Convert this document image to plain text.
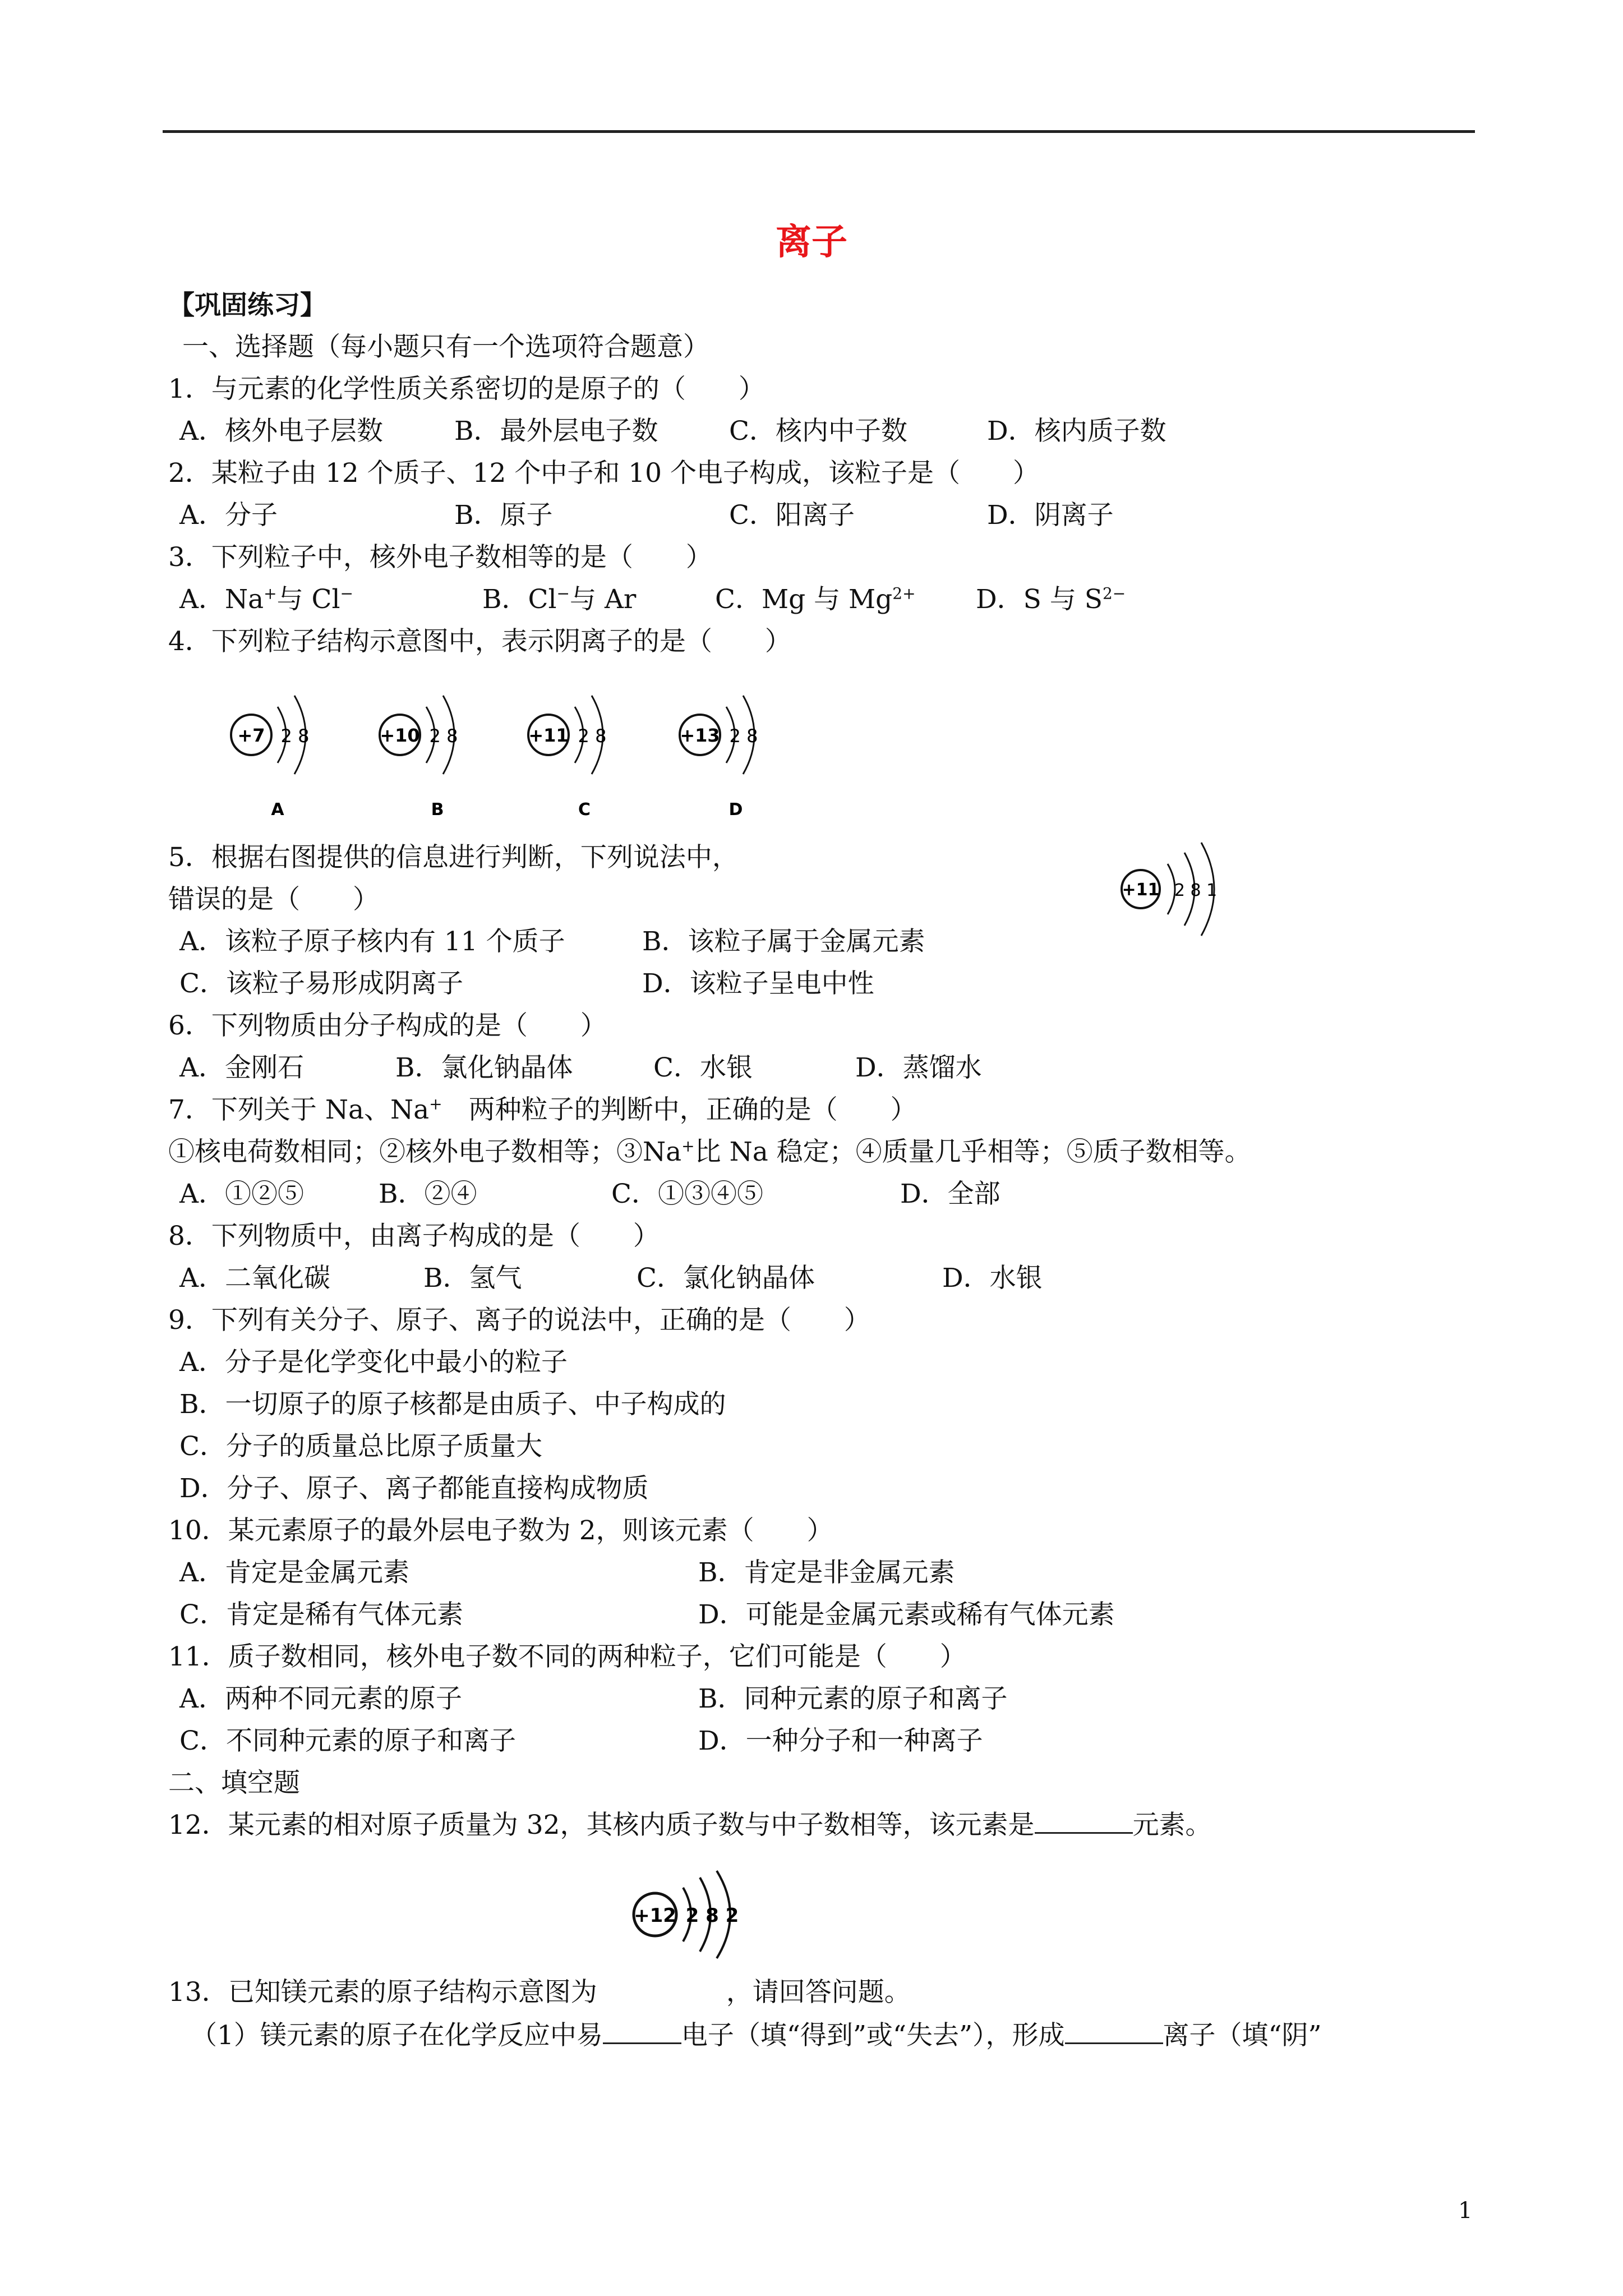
离子
【巩固练习】
一、选择题（每小题只有一个选项符合题意）
1．与元素的化学性质关系密切的是原子的（　　）
A．核外电子层数	B．最外层电子数	C．核内中子数	D．核内质子数
2．某粒子由 12 个质子、12 个中子和 10 个电子构成，该粒子是（　　）
A．分子	B．原子	C．阳离子	D．阴离子
3．下列粒子中，核外电子数相等的是（　　）
A．Na+与 Cl−	B．Cl−与 Ar	C．Mg 与 $Mg^{2+}$ D．S 与 $S^{2-}$
4．下列粒子结构示意图中，表示阴离子的是（　　）
+7 2 8
A
+10 2 8
B
+11 2 8
C
+13 2 8
D
5．根据右图提供的信息进行判断，下列说法中，
错误的是（　　）	+11 2 8 1
A．该粒子原子核内有 11 个质子	B．该粒子属于金属元素
C．该粒子易形成阴离子	D．该粒子呈电中性
6．下列物质由分子构成的是（　　）
A．金刚石	B．氯化钠晶体	C．水银	D．蒸馏水
7．下列关于 Na、Na+　两种粒子的判断中，正确的是（　　）
①核电荷数相同；②核外电子数相等；③Na+比 Na 稳定；④质量几乎相等；⑤质子数相等。
A．①②⑤	B．②④	C．①③④⑤	D．全部
8．下列物质中，由离子构成的是（　　）
A．二氧化碳	B．氢气	C．氯化钠晶体	D．水银
9．下列有关分子、原子、离子的说法中，正确的是（　　）
A．分子是化学变化中最小的粒子
B．一切原子的原子核都是由质子、中子构成的
C．分子的质量总比原子质量大
D．分子、原子、离子都能直接构成物质
10．某元素原子的最外层电子数为 2，则该元素（　　）
A．肯定是金属元素	B．肯定是非金属元素
C．肯定是稀有气体元素	D．可能是金属元素或稀有气体元素
11．质子数相同，核外电子数不同的两种粒子，它们可能是（　　）
A．两种不同元素的原子	B．同种元素的原子和离子
C．不同种元素的原子和离子	D．一种分子和一种离子
二、填空题
12．某元素的相对原子质量为 32，其核内质子数与中子数相等，该元素是	元素。
+12 2 8 2
13．已知镁元素的原子结构示意图为	，请回答问题。
（1）镁元素的原子在化学反应中易	电子（填“得到”或“失去”），形成	离子（填“阴”
1
